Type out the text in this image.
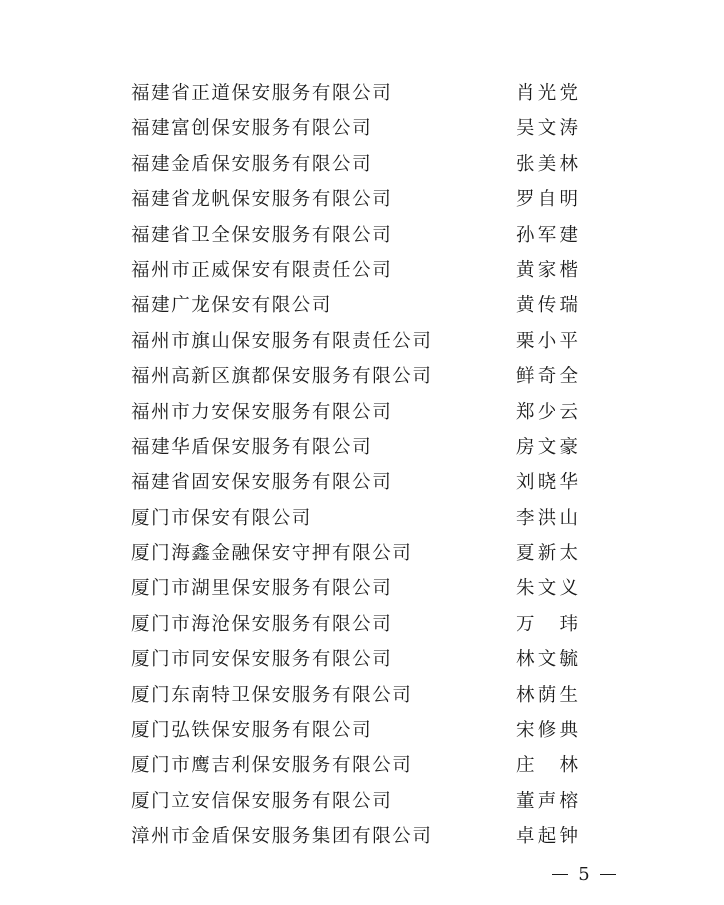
福建省正道保安服务有限公司	肖光党
福建富创保安服务有限公司	吴文涛
福建金盾保安服务有限公司	张美林
福建省龙帆保安服务有限公司	罗自明
福建省卫全保安服务有限公司	孙军建
福州市正威保安有限责任公司	黄家楷
福建广龙保安有限公司	黄传瑞
福州市旗山保安服务有限责任公司	栗小平
福州高新区旗都保安服务有限公司	鲜奇全
福州市力安保安服务有限公司	郑少云
福建华盾保安服务有限公司	房文豪
福建省固安保安服务有限公司	刘晓华
厦门市保安有限公司	李洪山
厦门海鑫金融保安守押有限公司	夏新太
厦门市湖里保安服务有限公司	朱文义
厦门市海沧保安服务有限公司	万玮
厦门市同安保安服务有限公司	林文毓
厦门东南特卫保安服务有限公司	林荫生
厦门弘铁保安服务有限公司	宋修典
厦门市鹰吉利保安服务有限公司	庄林
厦门立安信保安服务有限公司	董声榕
漳州市金盾保安服务集团有限公司	卓起钟
5
